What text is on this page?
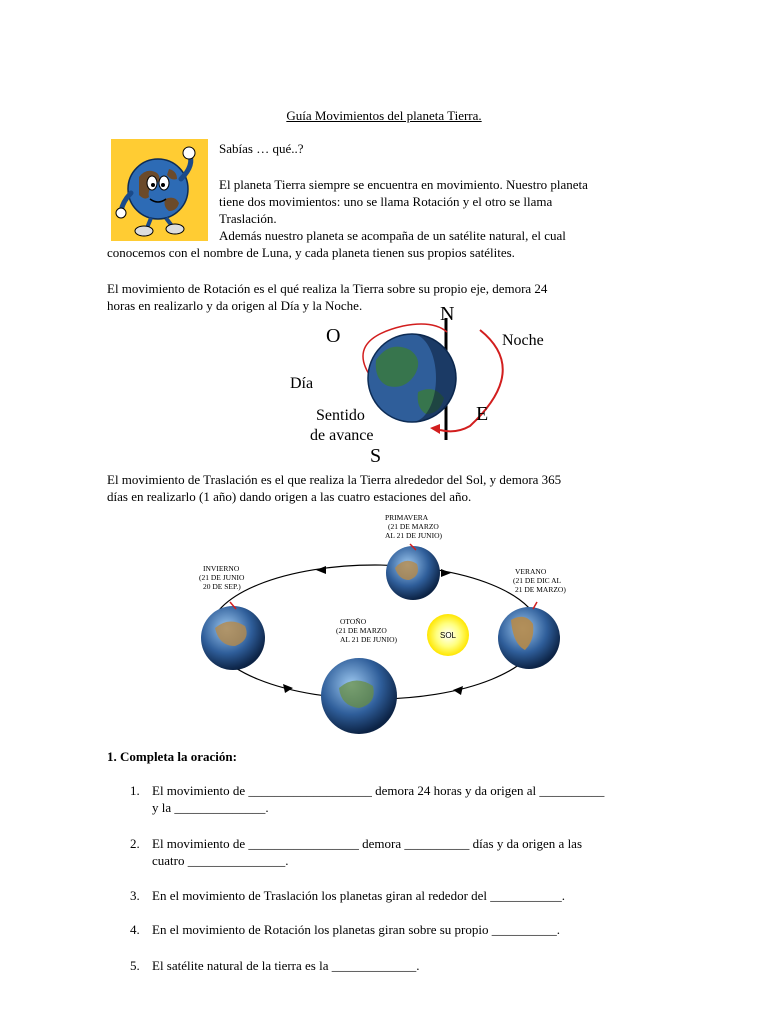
Guía Movimientos del planeta Tierra.
Sabías … qué..?
El planeta Tierra siempre se encuentra en movimiento. Nuestro planeta
tiene dos movimientos: uno se llama Rotación y el otro se llama
Traslación.
Además nuestro planeta se acompaña de un satélite natural, el cual
conocemos con el nombre de Luna, y cada planeta tienen sus propios satélites.
El movimiento de Rotación es el qué realiza la Tierra sobre su propio eje, demora 24
horas en realizarlo y da origen al Día y la Noche.	N
O
E
S
Noche
Día
Sentido
de avance
El movimiento de Traslación es el que realiza la Tierra alrededor del Sol, y demora 365
días en realizarlo (1 año) dando origen a las cuatro estaciones del año.
SOL
PRIMAVERA
(21 DE MARZO
AL 21 DE JUNIO)
INVIERNO
(21 DE JUNIO
20 DE SEP.)
VERANO
(21 DE DIC AL
21 DE MARZO)
OTOÑO
(21 DE MARZO
AL 21 DE JUNIO)
1. Completa la oración:
1. El movimiento de ___________________ demora 24 horas y da origen al __________
y la ______________.
2. El movimiento de _________________ demora __________ días y da origen a las
cuatro _______________.
3. En el movimiento de Traslación los planetas giran al rededor del ___________.
4. En el movimiento de Rotación los planetas giran sobre su propio __________.
5. El satélite natural de la tierra es la _____________.
